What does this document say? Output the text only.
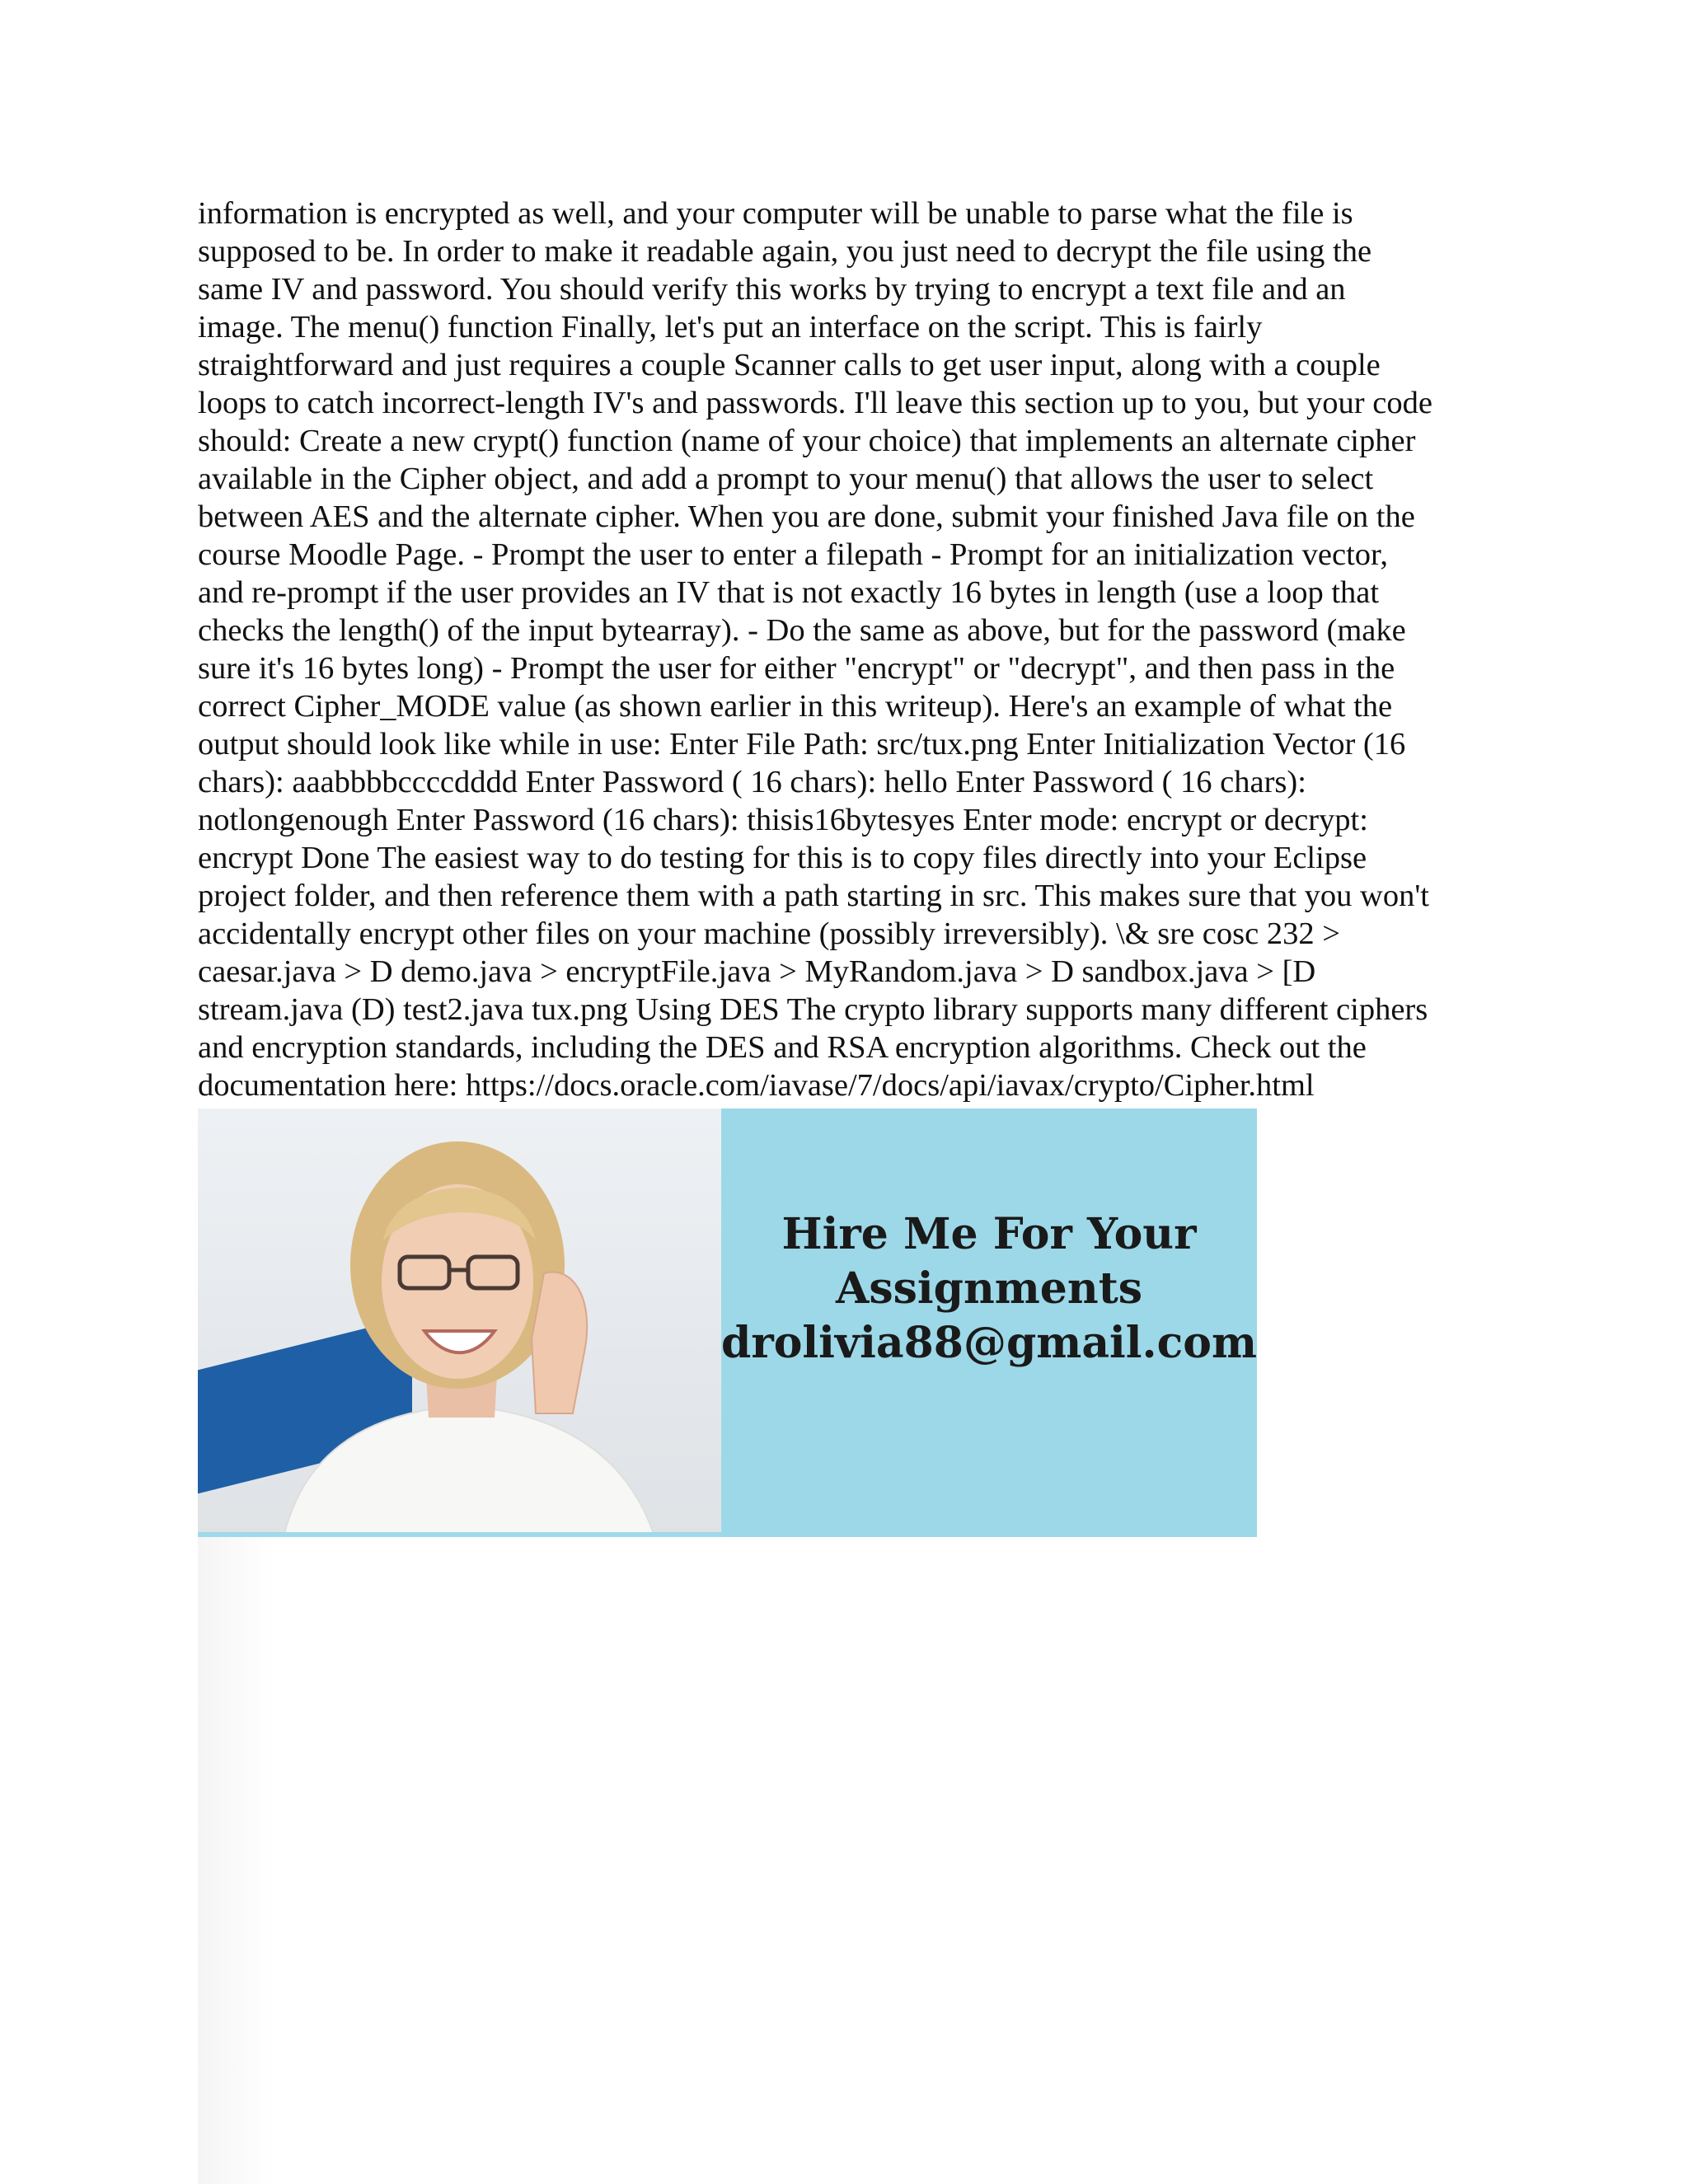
information is encrypted as well, and your computer will be unable to parse what the file is
supposed to be. In order to make it readable again, you just need to decrypt the file using the
same IV and password. You should verify this works by trying to encrypt a text file and an
image. The menu() function Finally, let's put an interface on the script. This is fairly
straightforward and just requires a couple Scanner calls to get user input, along with a couple
loops to catch incorrect-length IV's and passwords. I'll leave this section up to you, but your code
should: Create a new crypt() function (name of your choice) that implements an alternate cipher
available in the Cipher object, and add a prompt to your menu() that allows the user to select
between AES and the alternate cipher. When you are done, submit your finished Java file on the
course Moodle Page. - Prompt the user to enter a filepath - Prompt for an initialization vector,
and re-prompt if the user provides an IV that is not exactly 16 bytes in length (use a loop that
checks the length() of the input bytearray). - Do the same as above, but for the password (make
sure it's 16 bytes long) - Prompt the user for either "encrypt" or "decrypt", and then pass in the
correct Cipher_MODE value (as shown earlier in this writeup). Here's an example of what the
output should look like while in use: Enter File Path: src/tux.png Enter Initialization Vector (16
chars): aaabbbbccccdddd Enter Password ( 16 chars): hello Enter Password ( 16 chars):
notlongenough Enter Password (16 chars): thisis16bytesyes Enter mode: encrypt or decrypt:
encrypt Done The easiest way to do testing for this is to copy files directly into your Eclipse
project folder, and then reference them with a path starting in src. This makes sure that you won't
accidentally encrypt other files on your machine (possibly irreversibly). \& sre cosc 232 >
caesar.java > D demo.java > encryptFile.java > MyRandom.java > D sandbox.java > [D
stream.java (D) test2.java tux.png Using DES The crypto library supports many different ciphers
and encryption standards, including the DES and RSA encryption algorithms. Check out the
documentation here: https://docs.oracle.com/iavase/7/docs/api/iavax/crypto/Cipher.html

Hire Me For Your
Assignments
drolivia88@gmail.com
